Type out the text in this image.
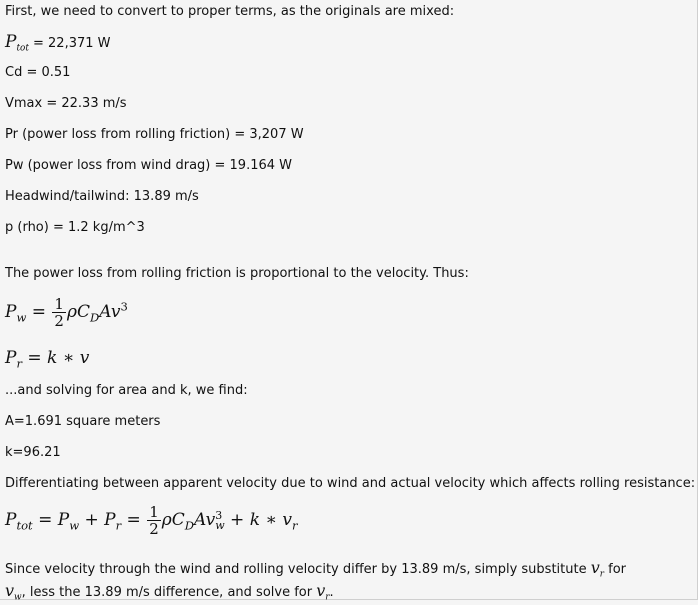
First, we need to convert to proper terms, as the originals are mixed:
$P_{tot} = 22,371$ W
Cd = 0.51
Vmax = 22.33 m/s
Pr (power loss from rolling friction) = 3,207 W
Pw (power loss from wind drag) = 19.164 W
Headwind/tailwind: 13.89 m/s
p (rho) = 1.2 kg/m^3
The power loss from rolling friction is proportional to the velocity. Thus:
$P_w = \frac{1}{2} \rho C_DAv^3$
$P_r = k$ ∗ v
...and solving for area and k, we find:
A=1.691 square meters
k=96.21
Differentiating between apparent velocity due to wind and actual velocity which affects rolling resistance:
$P_{tot} = P_w + P_r = \frac{1}{2} \rho C_DAv$ 3
w + k ∗ $v_r$
Since velocity through the wind and rolling velocity differ by 13.89 m/s, simply substitute $v_r$ for
$v_w$, less the 13.89 m/s difference, and solve for $v_r$.
